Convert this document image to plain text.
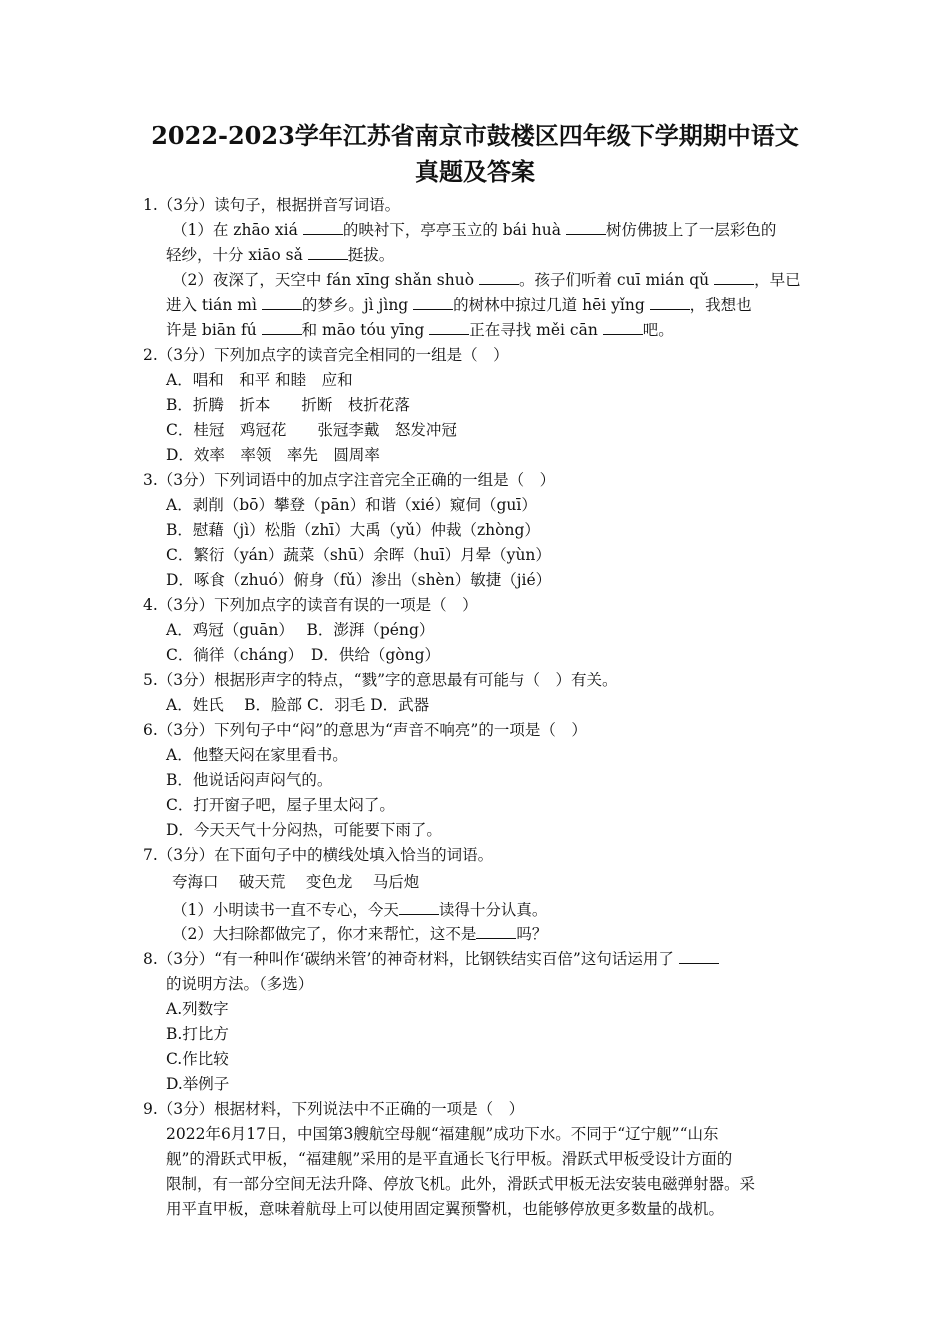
2022-2023学年江苏省南京市鼓楼区四年级下学期期中语文
真题及答案
1.（3分）读句子，根据拼音写词语。
（1）在 zhāo xiá	的映衬下，亭亭玉立的 bái huà	树仿佛披上了一层彩色的
轻纱，十分 xiāo sǎ	挺拔。
（2）夜深了，天空中 fán xīng shǎn shuò	。孩子们听着 cuī mián qǔ	，早已
进入 tián mì	的梦乡。jì jìng	的树林中掠过几道 hēi yǐng	，我想也
许是 biān fú	和 māo tóu yīng	正在寻找 měi cān	吧。
2.（3分）下列加点字的读音完全相同的一组是（　）
A．唱和　和平 和睦　应和
B．折腾　折本　　折断　枝折花落
C．桂冠　鸡冠花　　张冠李戴　怒发冲冠
D．效率　率领　率先　圆周率
3.（3分）下列词语中的加点字注音完全正确的一组是（　）
A．剥削（bō）攀登（pān）和谐（xié）窥伺（guī）
B．慰藉（jì）松脂（zhī）大禹（yǔ）仲裁（zhòng）
C．繁衍（yán）蔬菜（shū）余晖（huī）月晕（yùn）
D．啄食（zhuó）俯身（fǔ）渗出（shèn）敏捷（jié）
4.（3分）下列加点字的读音有误的一项是（　）
A．鸡冠（guān）　 B．澎湃（péng）
C．徜徉（cháng）　D．供给（gòng）
5.（3分）根据形声字的特点，“戮”字的意思最有可能与（　）有关。
A．姓氏　 B．脸部 C．羽毛 D．武器
6.（3分）下列句子中“闷”的意思为“声音不响亮”的一项是（　）
A．他整天闷在家里看书。
B．他说话闷声闷气的。
C．打开窗子吧，屋子里太闷了。
D．今天天气十分闷热，可能要下雨了。
7.（3分）在下面句子中的横线处填入恰当的词语。
夸海口　 破天荒　 变色龙　 马后炮
（1）小明读书一直不专心，今天	读得十分认真。
（2）大扫除都做完了，你才来帮忙，这不是	吗？
8.（3分）“有一种叫作‘碳纳米管’的神奇材料，比钢铁结实百倍”这句话运用了
的说明方法。（多选）
A.列数字
B.打比方
C.作比较
D.举例子
9.（3分）根据材料，下列说法中不正确的一项是（　）
2022年6月17日，中国第3艘航空母舰“福建舰”成功下水。不同于“辽宁舰”“山东
舰”的滑跃式甲板，“福建舰”采用的是平直通长飞行甲板。滑跃式甲板受设计方面的
限制，有一部分空间无法升降、停放飞机。此外，滑跃式甲板无法安装电磁弹射器。采
用平直甲板，意味着航母上可以使用固定翼预警机，也能够停放更多数量的战机。
